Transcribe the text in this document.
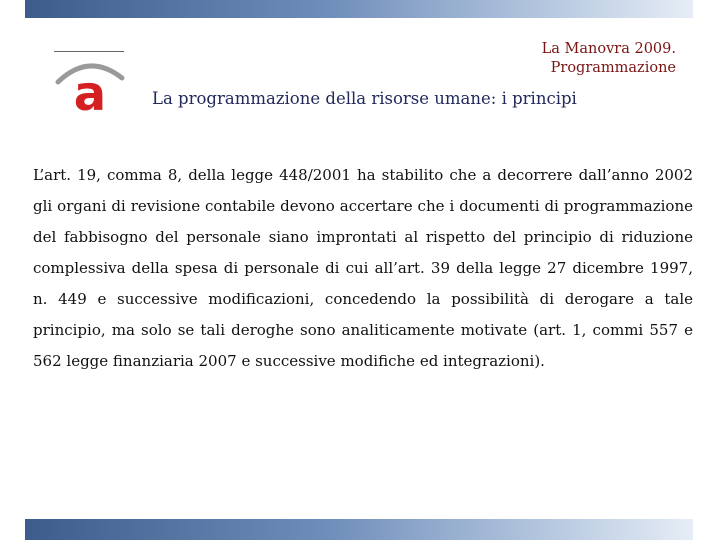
a
La Manovra 2009.
Programmazione
La programmazione della risorse umane: i principi
L’art. 19, comma 8, della legge 448/2001 ha stabilito che a decorrere dall’anno 2002 gli organi di revisione contabile devono accertare che i documenti di programmazione del fabbisogno del personale siano improntati al rispetto del principio di riduzione complessiva della spesa di personale di cui all’art. 39 della legge 27 dicembre 1997, n. 449 e successive modificazioni, concedendo la possibilità di derogare a tale principio, ma solo se tali deroghe sono analiticamente motivate (art. 1, commi 557 e 562 legge finanziaria 2007 e successive modifiche ed integrazioni).
